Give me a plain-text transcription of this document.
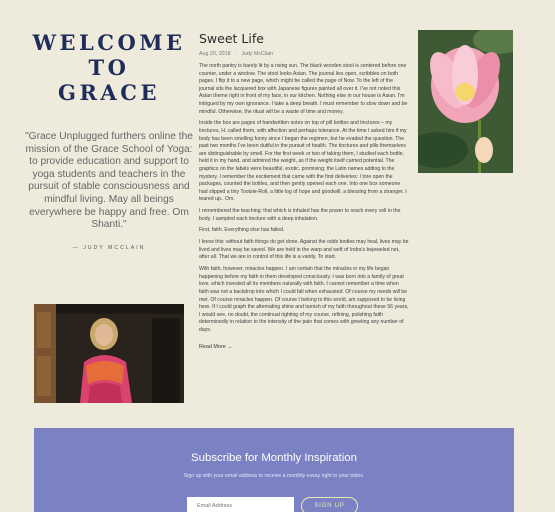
WELCOME
TO
GRACE
"Grace Unplugged furthers online the mission of the Grace School of Yoga: to provide education and support to yoga students and teachers in the pursuit of stable consciousness and mindful living. May all beings everywhere be happy and free. Om Shanti."
— JUDY MCCLAIN
Sweet Life
Aug 20, 2018 · Judy McClain

The north pantry is barely lit by a rising sun. The black wooden stool is centered before one counter, under a window. The stool looks Asian. The journal lies open, scribbles on both pages. I flip it to a new page, which might be called the page of Now. To the left of the journal sits the lacquered box with Japanese figures painted all over it. I've not noted this Asian theme right in front of my face, in our kitchen. Nothing else in our house is Asian. I'm intrigued by my own ignorance. I take a deep breath. I must remember to slow down and be mindful. Otherwise, the ritual will be a waste of time and money.

Inside the box are pages of handwritten notes on top of pill bottles and tinctures – my tinctures, H. called them, with affection and perhaps tolerance. At the time I asked him if my body has been smelling funny since I began the regimen, but he evaded the question. The past two months I've been dutiful in the pursuit of health. The tinctures and pills themselves are distinguishable by smell. For the first week or two of taking them, I studied each bottle, held it in my hand, and admired the weight, as if the weight itself carried potential. The graphics on the labels were beautiful, exotic, promising; the Latin names adding to the mystery. I remember the excitement that came with the first deliveries: I tore open the packages, counted the bottles, and then gently opened each one. Into one box someone had slipped a tiny Tootsie-Roll, a little log of hope and goodwill, a blessing from a stranger. I teared up.. Om.

I remembered the teaching: that which is inhaled has the power to reach every cell in the body. I sampled each tincture with a deep inhalation.

First, faith. Everything else has failed.

I know this: without faith things do get done. Against the odds bodies may heal, lives may be lived and lives may be saved. We are held in the warp and weft of Indra's bejeweled net, after all. That we are in control of this life is a vanity. To start.

With faith, however, miracles happen. I am certain that the miracles in my life began happening before my faith in them developed consciously. I was born into a family of great love, which invested all its members naturally with faith. I cannot remember a time when faith was not a backdrop into which I could fall when exhausted. Of course my needs will be met. Of course miracles happen. Of course I belong to this world, am supposed to be living here. If I could graph the alternating shine and tarnish of my faith throughout these 56 years, I would see, no doubt, the continual righting of my course, refining, polishing faith determinedly in relation to the intensity of the pain that comes with greeting any number of days.

Read More →
Subscribe for Monthly Inspiration
Sign up with your email address to receive a monthly essay right to your inbox.
Email Address
SIGN UP
